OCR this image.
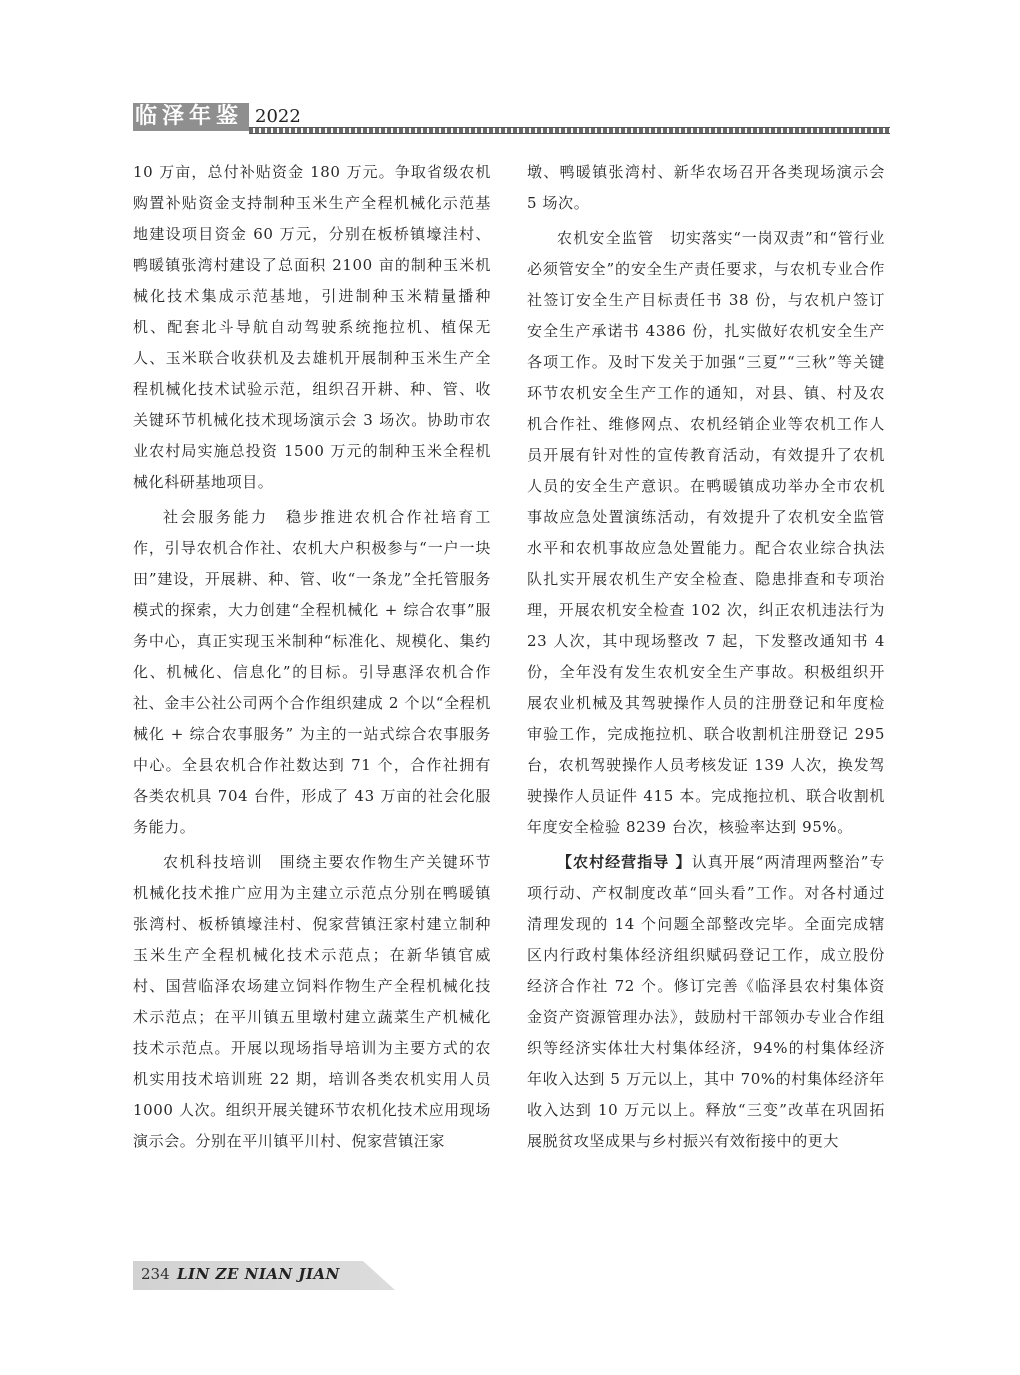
临泽年鉴 2022

10 万亩，总付补贴资金 180 万元。争取省级农机购置补贴资金支持制种玉米生产全程机械化示范基地建设项目资金 60 万元，分别在板桥镇壕洼村、鸭暖镇张湾村建设了总面积 2100 亩的制种玉米机械化技术集成示范基地，引进制种玉米精量播种机、配套北斗导航自动驾驶系统拖拉机、植保无人、玉米联合收获机及去雄机开展制种玉米生产全程机械化技术试验示范，组织召开耕、种、管、收关键环节机械化技术现场演示会 3 场次。协助市农业农村局实施总投资 1500 万元的制种玉米全程机械化科研基地项目。

社会服务能力　稳步推进农机合作社培育工作，引导农机合作社、农机大户积极参与“一户一块田”建设，开展耕、种、管、收“一条龙”全托管服务模式的探索，大力创建“全程机械化 + 综合农事”服务中心，真正实现玉米制种“标准化、规模化、集约化、机械化、信息化”的目标。引导惠泽农机合作社、金丰公社公司两个合作组织建成 2 个以“全程机械化 + 综合农事服务” 为主的一站式综合农事服务中心。全县农机合作社数达到 71 个，合作社拥有各类农机具 704 台件，形成了 43 万亩的社会化服务能力。

农机科技培训　围绕主要农作物生产关键环节机械化技术推广应用为主建立示范点分别在鸭暖镇张湾村、板桥镇壕洼村、倪家营镇汪家村建立制种玉米生产全程机械化技术示范点；在新华镇官威村、国营临泽农场建立饲料作物生产全程机械化技术示范点；在平川镇五里墩村建立蔬菜生产机械化技术示范点。开展以现场指导培训为主要方式的农机实用技术培训班 22 期，培训各类农机实用人员 1000 人次。组织开展关键环节农机化技术应用现场演示会。分别在平川镇平川村、倪家营镇汪家

墩、鸭暖镇张湾村、新华农场召开各类现场演示会 5 场次。

农机安全监管　切实落实“一岗双责”和“管行业必须管安全”的安全生产责任要求，与农机专业合作社签订安全生产目标责任书 38 份，与农机户签订安全生产承诺书 4386 份，扎实做好农机安全生产各项工作。及时下发关于加强“三夏”“三秋”等关键环节农机安全生产工作的通知，对县、镇、村及农机合作社、维修网点、农机经销企业等农机工作人员开展有针对性的宣传教育活动，有效提升了农机人员的安全生产意识。在鸭暖镇成功举办全市农机事故应急处置演练活动，有效提升了农机安全监管水平和农机事故应急处置能力。配合农业综合执法队扎实开展农机生产安全检查、隐患排查和专项治理，开展农机安全检查 102 次，纠正农机违法行为 23 人次，其中现场整改 7 起，下发整改通知书 4 份，全年没有发生农机安全生产事故。积极组织开展农业机械及其驾驶操作人员的注册登记和年度检审验工作，完成拖拉机、联合收割机注册登记 295 台，农机驾驶操作人员考核发证 139 人次，换发驾驶操作人员证件 415 本。完成拖拉机、联合收割机年度安全检验 8239 台次，核验率达到 95%。

【农村经营指导 】认真开展“两清理两整治”专项行动、产权制度改革“回头看”工作。对各村通过清理发现的 14 个问题全部整改完毕。全面完成辖区内行政村集体经济组织赋码登记工作，成立股份经济合作社 72 个。修订完善《临泽县农村集体资金资产资源管理办法》，鼓励村干部领办专业合作组织等经济实体壮大村集体经济，94%的村集体经济年收入达到 5 万元以上，其中 70%的村集体经济年收入达到 10 万元以上。释放“三变”改革在巩固拓展脱贫攻坚成果与乡村振兴有效衔接中的更大

234 LIN ZE NIAN JIAN
